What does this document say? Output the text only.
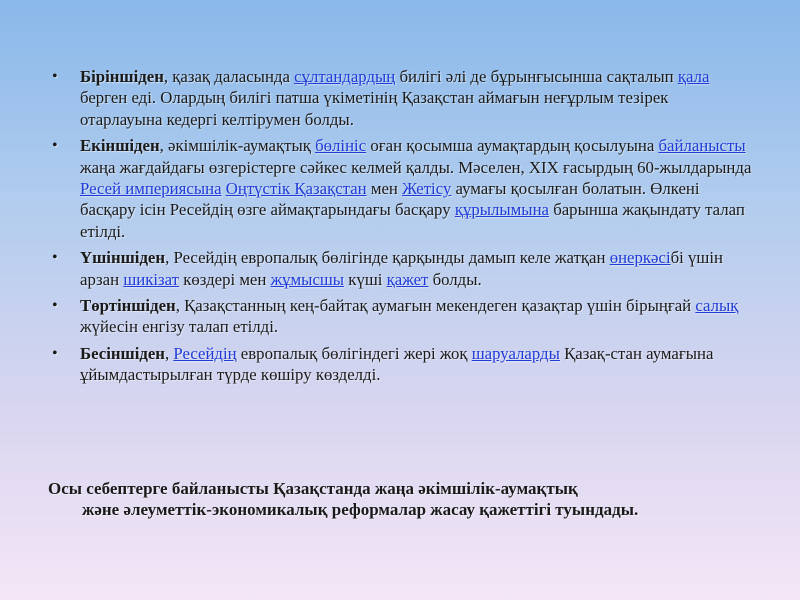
• Біріншіден, қазақ даласында сұлтандардың билігі әлі де бұрынғысынша сақталып қала берген еді. Олардың билігі патша үкіметінің Қазақстан аймағын неғұрлым тезірек отарлауына кедергі келтірумен болды.
• Екіншіден, әкімшілік-аумақтық бөлініс оған қосымша аумақтардың қосылуына байланысты жаңа жағдайдағы өзгерістерге сәйкес келмей қалды. Мәселен, XIX ғасырдың 60-жылдарында Ресей империясына Оңтүстік Қазақстан мен Жетісу аумағы қосылған болатын. Өлкені басқару ісін Ресейдің өзге аймақтарындағы басқару құрылымына барынша жақындату талап етілді.
• Үшіншіден, Ресейдің европалық бөлігінде қарқынды дамып келе жатқан өнеркәсібі үшін арзан шикізат көздері мен жұмысшы күші қажет болды.
• Төртіншіден, Қазақстанның кең-байтақ аумағын мекендеген қазақтар үшін бірыңғай салық жүйесін енгізу талап етілді.
• Бесіншіден, Ресейдің европалық бөлігіндегі жері жоқ шаруаларды Қазақ-стан аумағына ұйымдастырылған түрде көшіру көзделді.
Осы себептерге байланысты Қазақстанда жаңа әкімшілік-аумақтық
және әлеуметтік-экономикалық реформалар жасау қажеттігі туындады.
